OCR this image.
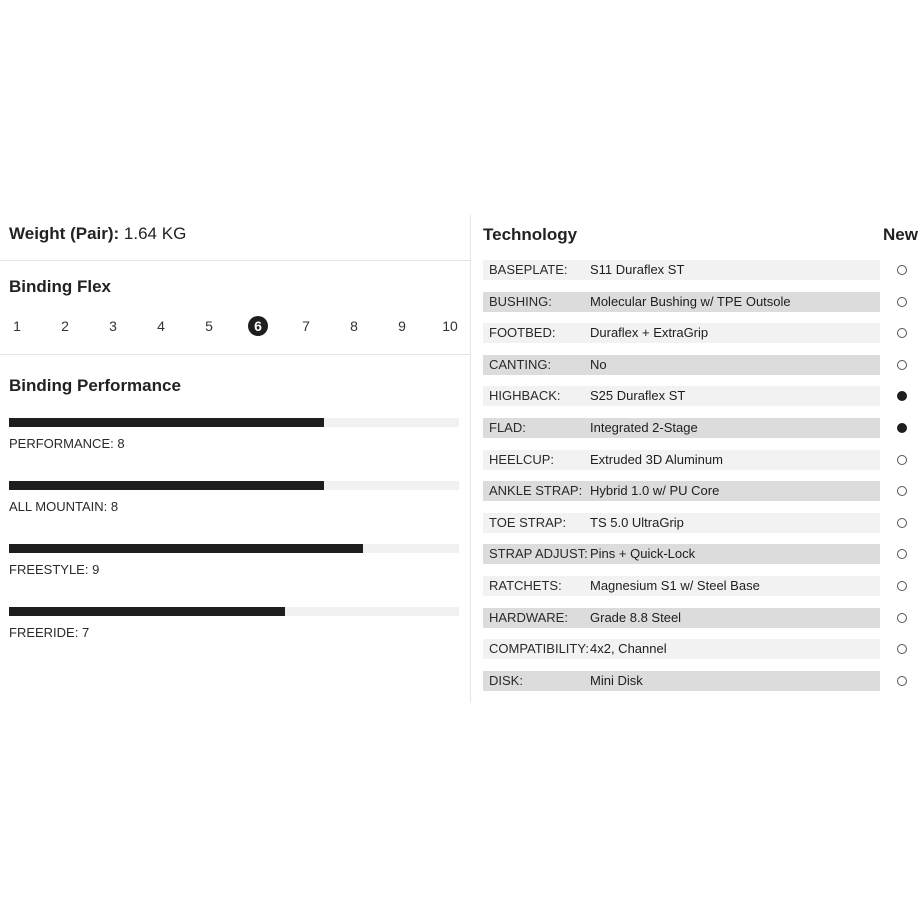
Weight (Pair): 1.64 KG
Binding Flex
1	2	3	4	5	6	7	8	9	10
Binding Performance
PERFORMANCE: 8
ALL MOUNTAIN: 8
FREESTYLE: 9
FREERIDE: 7
Technology	New
BASEPLATE: S11 Duraflex ST
BUSHING:	Molecular Bushing w/ TPE Outsole
FOOTBED:	Duraflex + ExtraGrip
CANTING:	No
HIGHBACK: S25 Duraflex ST
FLAD:	Integrated 2-Stage
HEELCUP:	Extruded 3D Aluminum
ANKLE STRAP: Hybrid 1.0 w/ PU Core
TOE STRAP: TS 5.0 UltraGrip
STRAP ADJUST: Pins + Quick-Lock
RATCHETS: Magnesium S1 w/ Steel Base
HARDWARE: Grade 8.8 Steel
COMPATIBILITY: 4x2, Channel
DISK:	Mini Disk
